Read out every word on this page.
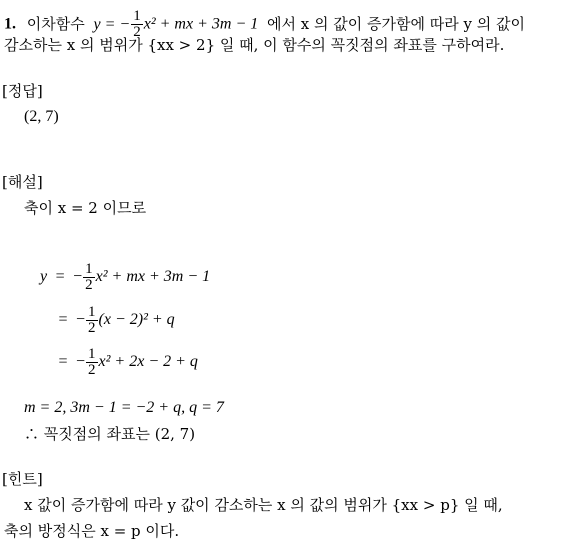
1. 이차함수 y = − $\frac{1}{2} x^2$ + mx + 3m − 1 에서 x 의 값이 증가함에 따라 y 의 값이
감소하는 x 의 범위가 {xx > 2} 일 때, 이 함수의 꼭짓점의 좌표를 구하여라.
[정답]
(2, 7)
[해설]
축이 x = 2 이므로
y = − $\frac{1}{2} x^2$ + mx + 3m − 1
= − $\frac{1}{2} (x - 2)^2 + q$
= − $\frac{1}{2} x^2 + 2x - 2 + q$
m = 2, 3m − 1 = −2 + q, q = 7
∴ 꼭짓점의 좌표는 (2, 7)
[힌트]
x 값이 증가함에 따라 y 값이 감소하는 x 의 값의 범위가 {xx > p} 일 때,
축의 방정식은 x = p 이다.
